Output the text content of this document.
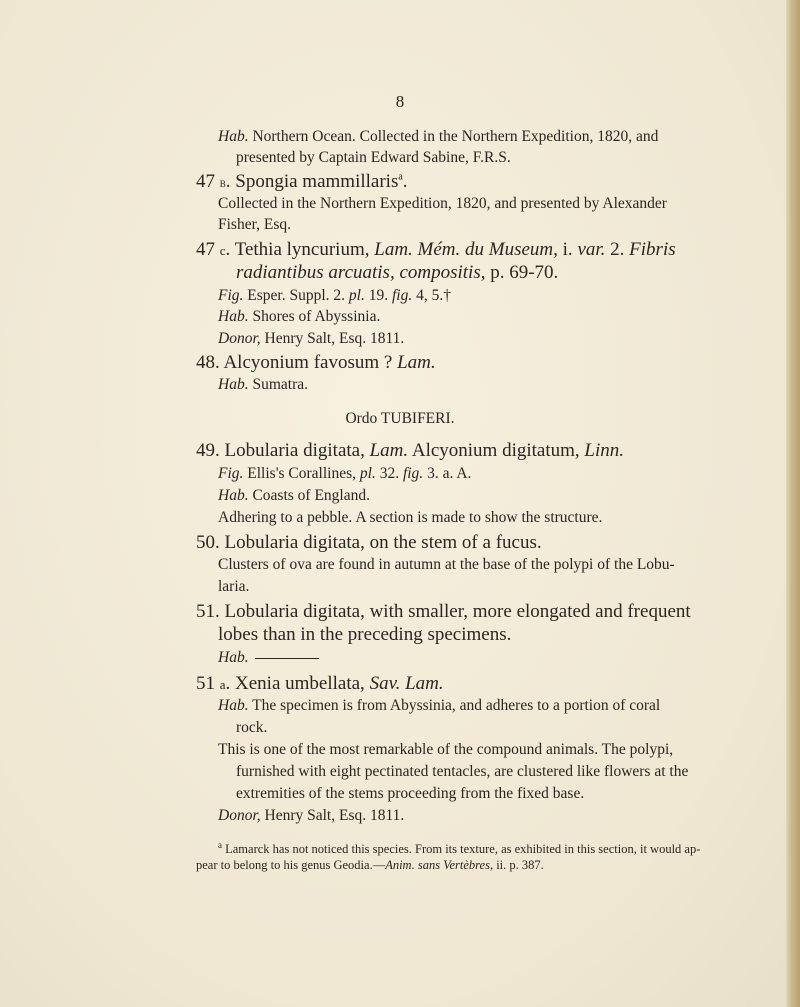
8
Hab. Northern Ocean. Collected in the Northern Expedition, 1820, and
presented by Captain Edward Sabine, F.R.S.
47 b. Spongia mammillaris$^a$.
Collected in the Northern Expedition, 1820, and presented by Alexander
Fisher, Esq.
47 c. Tethia lyncurium, Lam. Mém. du Museum, i. var. 2. Fibris
radiantibus arcuatis, compositis, p. 69-70.
Fig. Esper. Suppl. 2. pl. 19. fig. 4, 5.†
Hab. Shores of Abyssinia.
Donor, Henry Salt, Esq. 1811.
48. Alcyonium favosum ? Lam.
Hab. Sumatra.
Ordo TUBIFERI.
49. Lobularia digitata, Lam. Alcyonium digitatum, Linn.
Fig. Ellis's Corallines, pl. 32. fig. 3. a. A.
Hab. Coasts of England.
Adhering to a pebble. A section is made to show the structure.
50. Lobularia digitata, on the stem of a fucus.
Clusters of ova are found in autumn at the base of the polypi of the Lobu-
laria.
51. Lobularia digitata, with smaller, more elongated and frequent
lobes than in the preceding specimens.
Hab.
51 a. Xenia umbellata, Sav. Lam.
Hab. The specimen is from Abyssinia, and adheres to a portion of coral
rock.
This is one of the most remarkable of the compound animals. The polypi,
furnished with eight pectinated tentacles, are clustered like flowers at the
extremities of the stems proceeding from the fixed base.
Donor, Henry Salt, Esq. 1811.
$^a$ Lamarck has not noticed this species. From its texture, as exhibited in this section, it would ap-
pear to belong to his genus Geodia.—Anim. sans Vertèbres, ii. p. 387.
